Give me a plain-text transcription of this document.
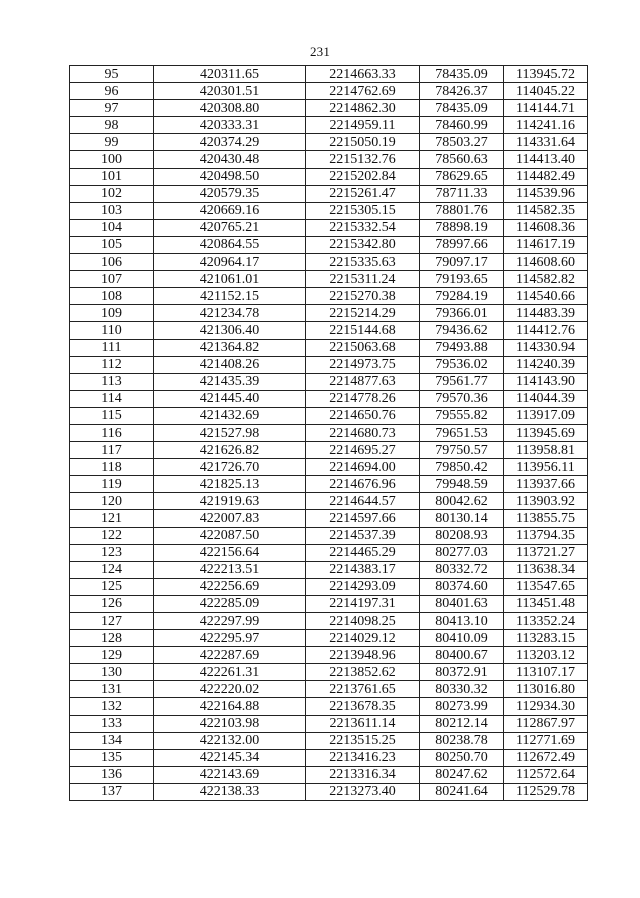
231
95	420311.65	2214663.33	78435.09	113945.72
96	420301.51	2214762.69	78426.37	114045.22
97	420308.80	2214862.30	78435.09	114144.71
98	420333.31	2214959.11	78460.99	114241.16
99	420374.29	2215050.19	78503.27	114331.64
100	420430.48	2215132.76	78560.63	114413.40
101	420498.50	2215202.84	78629.65	114482.49
102	420579.35	2215261.47	78711.33	114539.96
103	420669.16	2215305.15	78801.76	114582.35
104	420765.21	2215332.54	78898.19	114608.36
105	420864.55	2215342.80	78997.66	114617.19
106	420964.17	2215335.63	79097.17	114608.60
107	421061.01	2215311.24	79193.65	114582.82
108	421152.15	2215270.38	79284.19	114540.66
109	421234.78	2215214.29	79366.01	114483.39
110	421306.40	2215144.68	79436.62	114412.76
111	421364.82	2215063.68	79493.88	114330.94
112	421408.26	2214973.75	79536.02	114240.39
113	421435.39	2214877.63	79561.77	114143.90
114	421445.40	2214778.26	79570.36	114044.39
115	421432.69	2214650.76	79555.82	113917.09
116	421527.98	2214680.73	79651.53	113945.69
117	421626.82	2214695.27	79750.57	113958.81
118	421726.70	2214694.00	79850.42	113956.11
119	421825.13	2214676.96	79948.59	113937.66
120	421919.63	2214644.57	80042.62	113903.92
121	422007.83	2214597.66	80130.14	113855.75
122	422087.50	2214537.39	80208.93	113794.35
123	422156.64	2214465.29	80277.03	113721.27
124	422213.51	2214383.17	80332.72	113638.34
125	422256.69	2214293.09	80374.60	113547.65
126	422285.09	2214197.31	80401.63	113451.48
127	422297.99	2214098.25	80413.10	113352.24
128	422295.97	2214029.12	80410.09	113283.15
129	422287.69	2213948.96	80400.67	113203.12
130	422261.31	2213852.62	80372.91	113107.17
131	422220.02	2213761.65	80330.32	113016.80
132	422164.88	2213678.35	80273.99	112934.30
133	422103.98	2213611.14	80212.14	112867.97
134	422132.00	2213515.25	80238.78	112771.69
135	422145.34	2213416.23	80250.70	112672.49
136	422143.69	2213316.34	80247.62	112572.64
137	422138.33	2213273.40	80241.64	112529.78
